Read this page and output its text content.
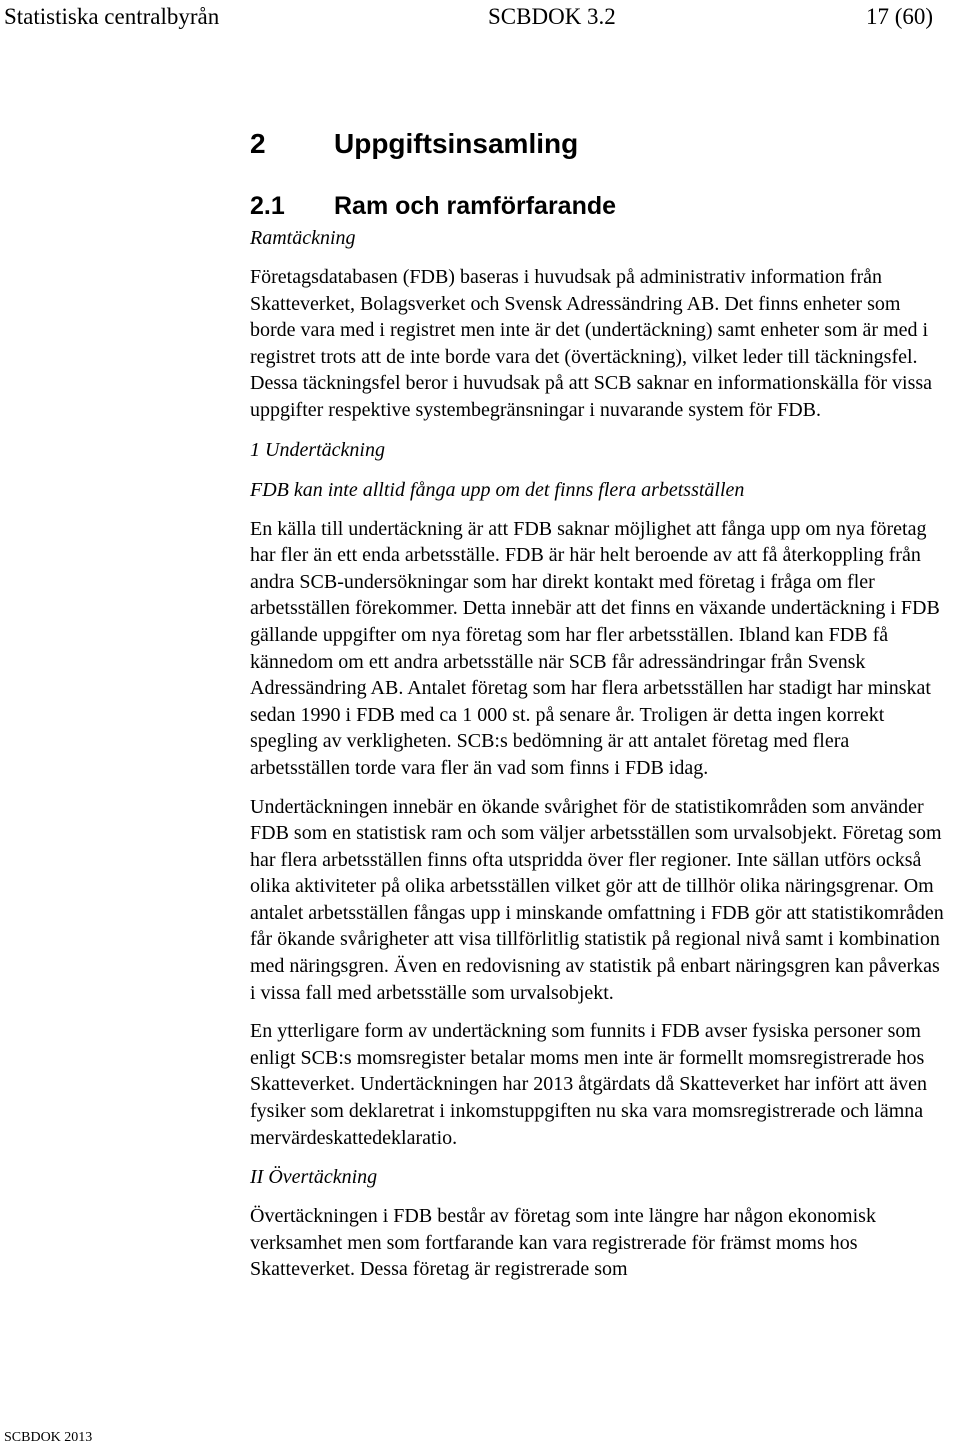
Statistiska centralbyrån	SCBDOK 3.2	17 (60)
2 Uppgiftsinsamling
2.1 Ram och ramförfarande
Ramtäckning

Företagsdatabasen (FDB) baseras i huvudsak på administrativ information från Skatteverket, Bolagsverket och Svensk Adressändring AB. Det finns enheter som borde vara med i registret men inte är det (undertäckning) samt enheter som är med i registret trots att de inte borde vara det (övertäckning), vilket leder till täckningsfel. Dessa täckningsfel beror i huvudsak på att SCB saknar en informationskälla för vissa uppgifter respektive systembegränsningar i nuvarande system för FDB.

1 Undertäckning
FDB kan inte alltid fånga upp om det finns flera arbetsställen

En källa till undertäckning är att FDB saknar möjlighet att fånga upp om nya företag har fler än ett enda arbetsställe. FDB är här helt beroende av att få återkoppling från andra SCB-undersökningar som har direkt kontakt med företag i fråga om fler arbetsställen förekommer. Detta innebär att det finns en växande undertäckning i FDB gällande uppgifter om nya företag som har fler arbetsställen. Ibland kan FDB få kännedom om ett andra arbetsställe när SCB får adressändringar från Svensk Adressändring AB. Antalet företag som har flera arbetsställen har stadigt har minskat sedan 1990 i FDB med ca 1 000 st. på senare år. Troligen är detta ingen korrekt spegling av verkligheten. SCB:s bedömning är att antalet företag med flera arbetsställen torde vara fler än vad som finns i FDB idag.

Undertäckningen innebär en ökande svårighet för de statistikområden som använder FDB som en statistisk ram och som väljer arbetsställen som urvalsobjekt. Företag som har flera arbetsställen finns ofta utspridda över fler regioner. Inte sällan utförs också olika aktiviteter på olika arbetsställen vilket gör att de tillhör olika näringsgrenar. Om antalet arbetsställen fångas upp i minskande omfattning i FDB gör att statistikområden får ökande svårigheter att visa tillförlitlig statistik på regional nivå samt i kombination med näringsgren. Även en redovisning av statistik på enbart näringsgren kan påverkas i vissa fall med arbetsställe som urvalsobjekt.

En ytterligare form av undertäckning som funnits i FDB avser fysiska personer som enligt SCB:s momsregister betalar moms men inte är formellt momsregistrerade hos Skatteverket. Undertäckningen har 2013 åtgärdats då Skatteverket har infört att även fysiker som deklaretrat i inkomstuppgiften nu ska vara momsregistrerade och lämna mervärdeskattedeklaratio.

II Övertäckning

Övertäckningen i FDB består av företag som inte längre har någon ekonomisk verksamhet men som fortfarande kan vara registrerade för främst moms hos Skatteverket. Dessa företag är registrerade som

SCBDOK 2013
